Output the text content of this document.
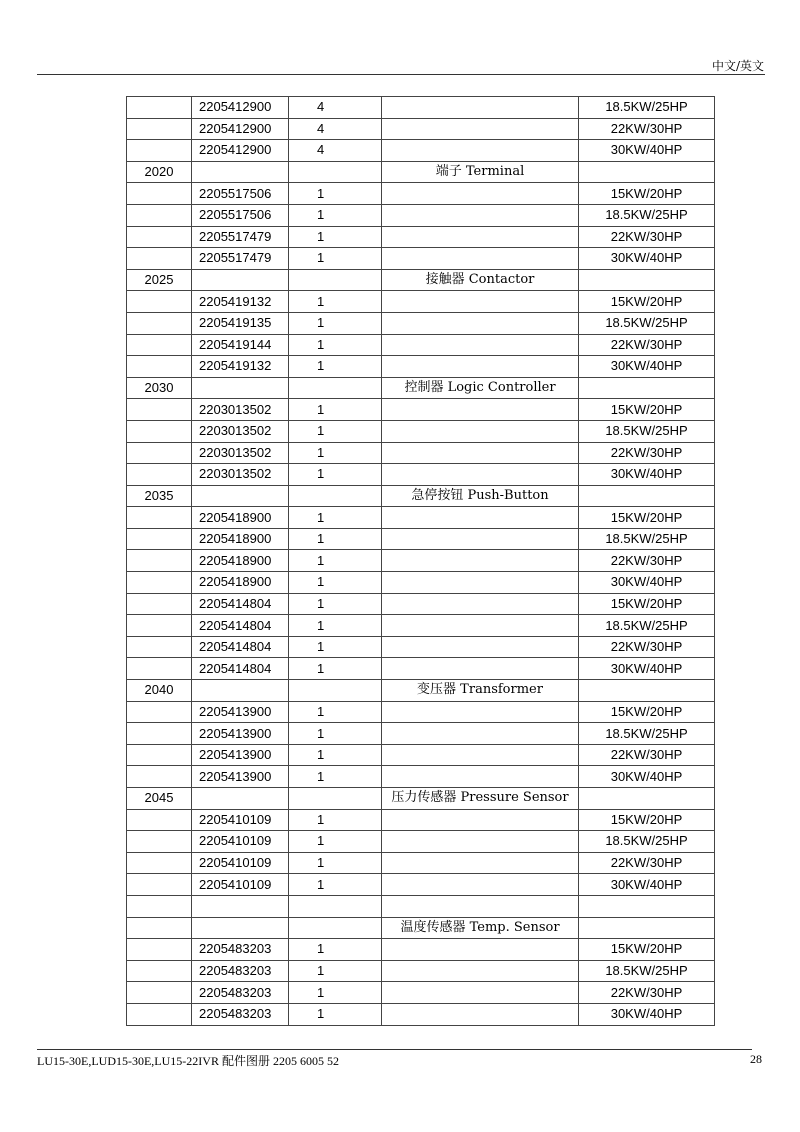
中文/英文
	2205412900	4		18.5KW/25HP
	2205412900	4		22KW/30HP
	2205412900	4		30KW/40HP
2020			端子 Terminal	
	2205517506	1		15KW/20HP
	2205517506	1		18.5KW/25HP
	2205517479	1		22KW/30HP
	2205517479	1		30KW/40HP
2025			接触器 Contactor	
	2205419132	1		15KW/20HP
	2205419135	1		18.5KW/25HP
	2205419144	1		22KW/30HP
	2205419132	1		30KW/40HP
2030			控制器 Logic Controller	
	2203013502	1		15KW/20HP
	2203013502	1		18.5KW/25HP
	2203013502	1		22KW/30HP
	2203013502	1		30KW/40HP
2035			急停按钮 Push-Button	
	2205418900	1		15KW/20HP
	2205418900	1		18.5KW/25HP
	2205418900	1		22KW/30HP
	2205418900	1		30KW/40HP
	2205414804	1		15KW/20HP
	2205414804	1		18.5KW/25HP
	2205414804	1		22KW/30HP
	2205414804	1		30KW/40HP
2040			变压器 Transformer	
	2205413900	1		15KW/20HP
	2205413900	1		18.5KW/25HP
	2205413900	1		22KW/30HP
	2205413900	1		30KW/40HP
2045			压力传感器 Pressure Sensor	
	2205410109	1		15KW/20HP
	2205410109	1		18.5KW/25HP
	2205410109	1		22KW/30HP
	2205410109	1		30KW/40HP

			温度传感器 Temp. Sensor	
	2205483203	1		15KW/20HP
	2205483203	1		18.5KW/25HP
	2205483203	1		22KW/30HP
	2205483203	1		30KW/40HP
LU15-30E,LUD15-30E,LU15-22IVR 配件图册 2205 6005 52	28
